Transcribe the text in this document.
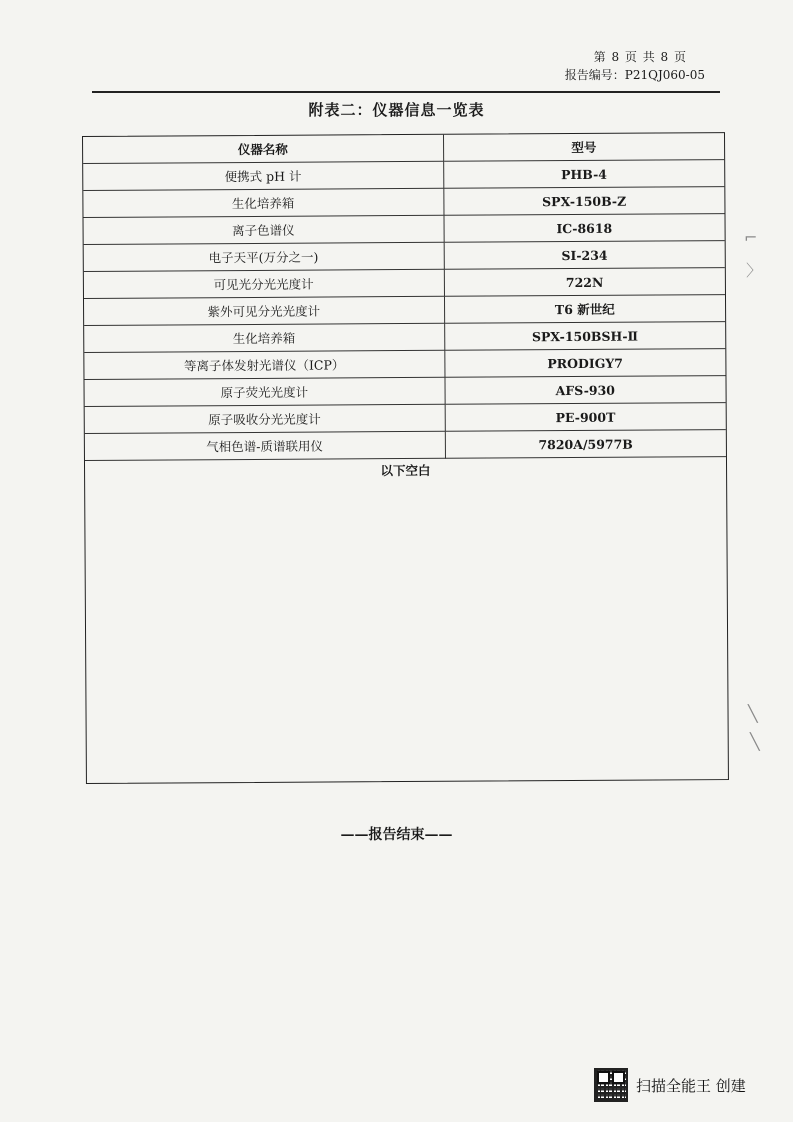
第 8 页 共 8 页
报告编号：P21QJ060-05
附表二：仪器信息一览表
仪器名称	型号
便携式 pH 计	PHB-4
生化培养箱	SPX-150B-Z
离子色谱仪	IC-8618
电子天平(万分之一)	SI-234
可见光分光光度计	722N
紫外可见分光光度计	T6 新世纪
生化培养箱	SPX-150BSH-Ⅱ
等离子体发射光谱仪（ICP）	PRODIGY7
原子荧光光度计	AFS-930
原子吸收分光光度计	PE-900T
气相色谱-质谱联用仪	7820A/5977B
以下空白
——报告结束——
⌐
〉
╲
╲
扫描全能王 创建
